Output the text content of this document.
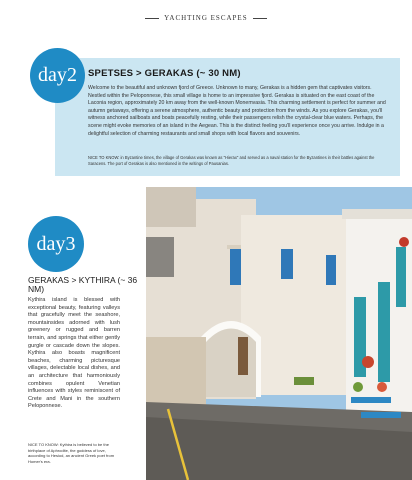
YACHTING ESCAPES
day 2 SPETSES > GERAKAS (~ 30 NM)
Welcome to the beautiful and unknown fjord of Greece. Unknown to many, Gerakas is a hidden gem that captivates visitors. Nestled within the Peloponnese, this small village is home to an impressive fjord. Gerakas is situated on the east coast of the Laconia region, approximately 20 km away from the well-known Monemvasia. This charming settlement is perfect for summer and autumn getaways, offering a serene atmosphere, authentic beauty and protection from the winds. As you explore Gerakas, you'll witness anchored sailboats and boats peacefully resting, while their passengers relish the crystal-clear blue waters. Perhaps, the scene might evoke memories of an island in the Aegean. This is the distinct feeling you'll experience once you arrive. Indulge in a delightful selection of charming restaurants and small shops with local flavors and souvenirs.
NICE TO KNOW: in Byzantine times, the village of Gerakas was known as "Hierax" and served as a naval station for the Byzantines in their battles against the Saracens. The port of Gerakas is also mentioned in the writings of Pausanias.
day 3
GERAKAS > KYTHIRA (~ 36 NM)
Kythira island is blessed with exceptional beauty, featuring valleys that gracefully meet the seashore, mountainsides adorned with lush greenery or rugged and barren terrain, and springs that either gently gurgle or cascade down the slopes. Kythira also boasts magnificent beaches, charming picturesque villages, delectable local dishes, and an architecture that harmoniously combines opulent Venetian influences with styles reminiscent of Crete and Mani in the southern Peloponnese.
NICE TO KNOW: Kythira is believed to be the birthplace of Aphrodite, the goddess of love, according to Hesiod, an ancient Greek poet from Homer's era.
